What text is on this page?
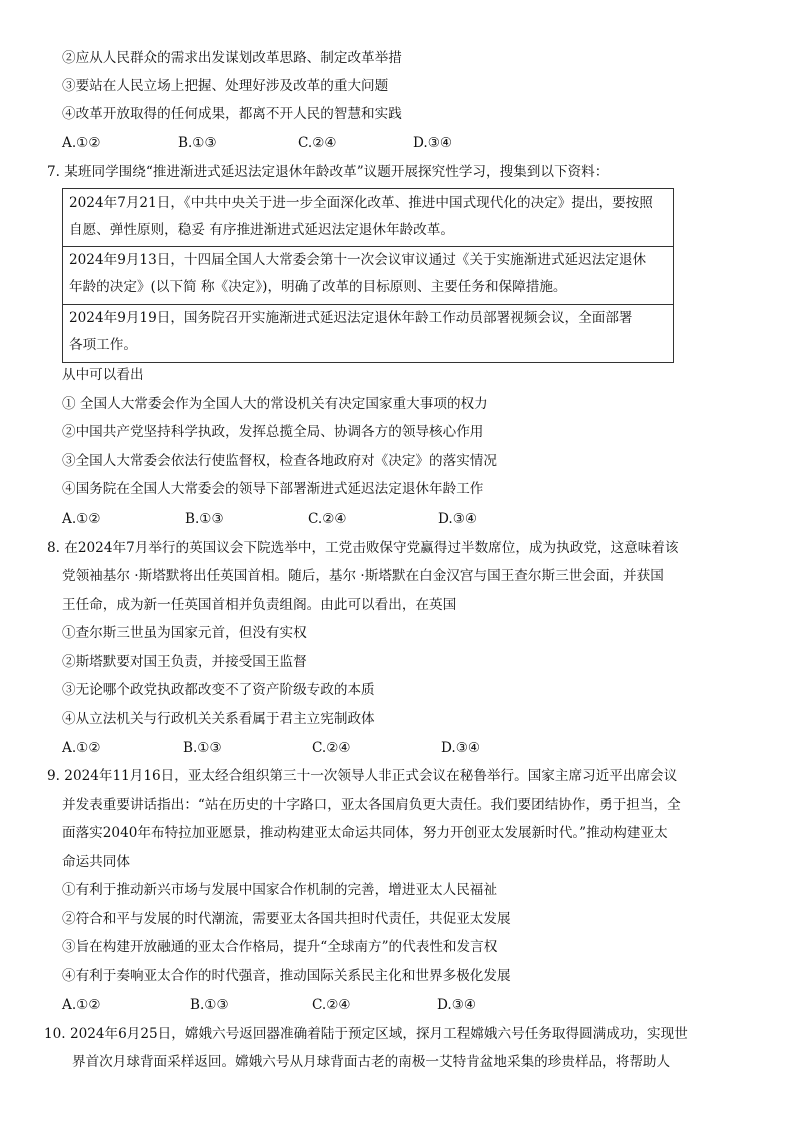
②应从人民群众的需求出发谋划改革思路、制定改革举措
③要站在人民立场上把握、处理好涉及改革的重大问题
④改革开放取得的任何成果，都离不开人民的智慧和实践
A.①②	B.①③	C.②④	D.③④
7. 某班同学围绕“推进渐进式延迟法定退休年龄改革”议题开展探究性学习，搜集到以下资料：
2024年7月21日，《中共中央关于进一步全面深化改革、推进中国式现代化的决定》提出，要按照
自愿、弹性原则，稳妥 有序推进渐进式延迟法定退休年龄改革。
2024年9月13日，十四届全国人大常委会第十一次会议审议通过《关于实施渐进式延迟法定退休
年龄的决定》(以下简 称《决定》)，明确了改革的目标原则、主要任务和保障措施。
2024年9月19日，国务院召开实施渐进式延迟法定退休年龄工作动员部署视频会议，全面部署
各项工作。
从中可以看出
① 全国人大常委会作为全国人大的常设机关有决定国家重大事项的权力
②中国共产党坚持科学执政，发挥总揽全局、协调各方的领导核心作用
③全国人大常委会依法行使监督权，检查各地政府对《决定》的落实情况
④国务院在全国人大常委会的领导下部署渐进式延迟法定退休年龄工作
A.①②	B.①③	C.②④	D.③④
8. 在2024年7月举行的英国议会下院选举中，工党击败保守党赢得过半数席位，成为执政党，这意味着该
党领袖基尔 ·斯塔默将出任英国首相。随后，基尔 ·斯塔默在白金汉宫与国王查尔斯三世会面，并获国
王任命，成为新一任英国首相并负责组阁。由此可以看出，在英国
①查尔斯三世虽为国家元首，但没有实权
②斯塔默要对国王负责，并接受国王监督
③无论哪个政党执政都改变不了资产阶级专政的本质
④从立法机关与行政机关关系看属于君主立宪制政体
A.①②	B.①③	C.②④	D.③④
9. 2024年11月16日，亚太经合组织第三十一次领导人非正式会议在秘鲁举行。国家主席习近平出席会议
并发表重要讲话指出：“站在历史的十字路口，亚太各国肩负更大责任。我们要团结协作，勇于担当，全
面落实2040年布特拉加亚愿景，推动构建亚太命运共同体，努力开创亚太发展新时代。”推动构建亚太
命运共同体
①有利于推动新兴市场与发展中国家合作机制的完善，增进亚太人民福祉
②符合和平与发展的时代潮流，需要亚太各国共担时代责任，共促亚太发展
③旨在构建开放融通的亚太合作格局，提升“全球南方”的代表性和发言权
④有利于奏响亚太合作的时代强音，推动国际关系民主化和世界多极化发展
A.①②	B.①③	C.②④	D.③④
10. 2024年6月25日，嫦娥六号返回器准确着陆于预定区域，探月工程嫦娥六号任务取得圆满成功，实现世
界首次月球背面采样返回。嫦娥六号从月球背面古老的南极一艾特肯盆地采集的珍贵样品，将帮助人
